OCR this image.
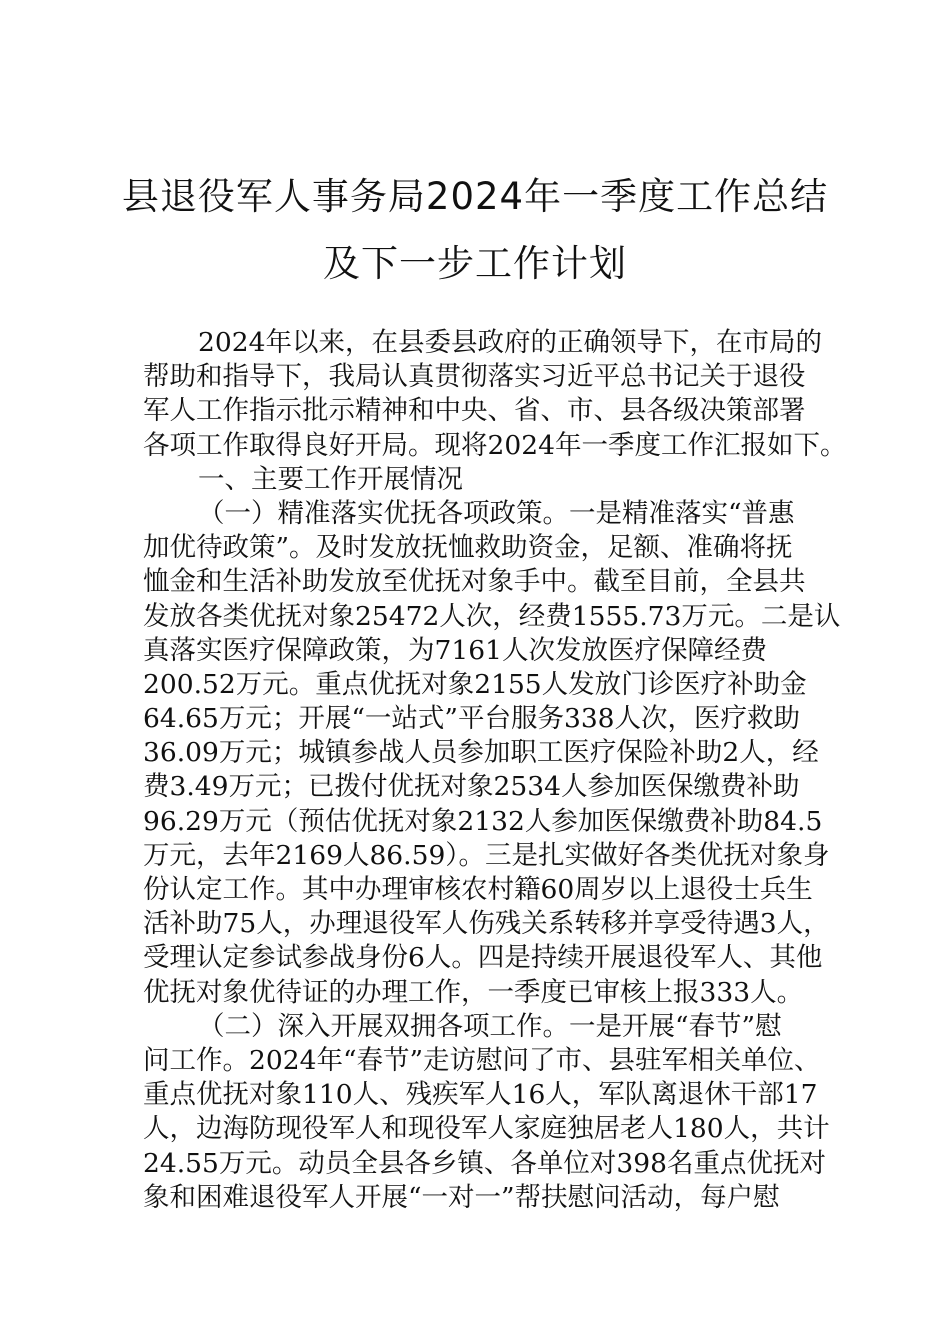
县退役军人事务局2024年一季度工作总结
及下一步工作计划
2024年以来，在县委县政府的正确领导下，在市局的
帮助和指导下，我局认真贯彻落实习近平总书记关于退役
军人工作指示批示精神和中央、省、市、县各级决策部署
各项工作取得良好开局。现将2024年一季度工作汇报如下。
一、主要工作开展情况
（一）精准落实优抚各项政策。一是精准落实“普惠
加优待政策”。及时发放抚恤救助资金，足额、准确将抚
恤金和生活补助发放至优抚对象手中。截至目前，全县共
发放各类优抚对象25472人次，经费1555.73万元。二是认
真落实医疗保障政策，为7161人次发放医疗保障经费
200.52万元。重点优抚对象2155人发放门诊医疗补助金
64.65万元；开展“一站式”平台服务338人次，医疗救助
36.09万元；城镇参战人员参加职工医疗保险补助2人，经
费3.49万元；已拨付优抚对象2534人参加医保缴费补助
96.29万元（预估优抚对象2132人参加医保缴费补助84.5
万元，去年2169人86.59）。三是扎实做好各类优抚对象身
份认定工作。其中办理审核农村籍60周岁以上退役士兵生
活补助75人，办理退役军人伤残关系转移并享受待遇3人，
受理认定参试参战身份6人。四是持续开展退役军人、其他
优抚对象优待证的办理工作，一季度已审核上报333人。
（二）深入开展双拥各项工作。一是开展“春节”慰
问工作。2024年“春节”走访慰问了市、县驻军相关单位、
重点优抚对象110人、残疾军人16人，军队离退休干部17
人，边海防现役军人和现役军人家庭独居老人180人，共计
24.55万元。动员全县各乡镇、各单位对398名重点优抚对
象和困难退役军人开展“一对一”帮扶慰问活动，每户慰
